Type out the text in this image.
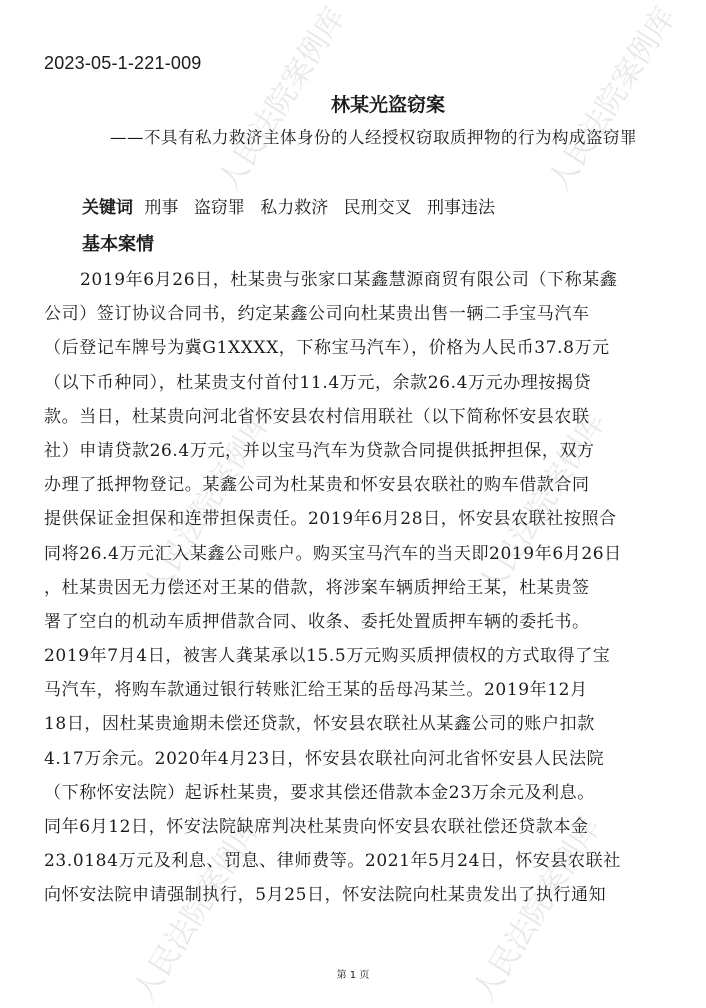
人民法院案例库	人民法院案例库
人民法院案例库	人民法院案例库
人民法院案例库	人民法院案例库
2023-05-1-221-009
林某光盗窃案
——不具有私力救济主体身份的人经授权窃取质押物的行为构成盗窃罪
关键词 刑事 盗窃罪 私力救济 民刑交叉 刑事违法
基本案情
2019年6月26日，杜某贵与张家口某鑫慧源商贸有限公司（下称某鑫
公司）签订协议合同书，约定某鑫公司向杜某贵出售一辆二手宝马汽车
（后登记车牌号为冀G1XXXX，下称宝马汽车），价格为人民币37.8万元
（以下币种同），杜某贵支付首付11.4万元，余款26.4万元办理按揭贷
款。当日，杜某贵向河北省怀安县农村信用联社（以下简称怀安县农联
社）申请贷款26.4万元，并以宝马汽车为贷款合同提供抵押担保，双方
办理了抵押物登记。某鑫公司为杜某贵和怀安县农联社的购车借款合同
提供保证金担保和连带担保责任。2019年6月28日，怀安县农联社按照合
同将26.4万元汇入某鑫公司账户。购买宝马汽车的当天即2019年6月26日
，杜某贵因无力偿还对王某的借款，将涉案车辆质押给王某，杜某贵签
署了空白的机动车质押借款合同、收条、委托处置质押车辆的委托书。
2019年7月4日，被害人龚某承以15.5万元购买质押债权的方式取得了宝
马汽车，将购车款通过银行转账汇给王某的岳母冯某兰。2019年12月
18日，因杜某贵逾期未偿还贷款，怀安县农联社从某鑫公司的账户扣款
4.17万余元。2020年4月23日，怀安县农联社向河北省怀安县人民法院
（下称怀安法院）起诉杜某贵，要求其偿还借款本金23万余元及利息。
同年6月12日，怀安法院缺席判决杜某贵向怀安县农联社偿还贷款本金
23.0184万元及利息、罚息、律师费等。2021年5月24日，怀安县农联社
向怀安法院申请强制执行，5月25日，怀安法院向杜某贵发出了执行通知
第 1 页
